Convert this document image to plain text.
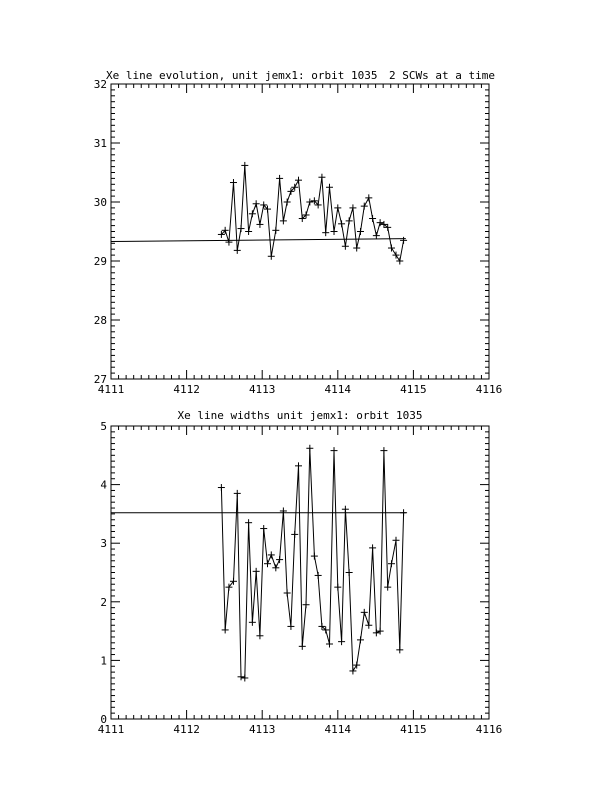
Xe line evolution, unit jemx1: orbit 1035 2 SCWs at a time
4111	4112	4113	4114	4115	4116
27
28
29
30
31
32
Xe line widths unit jemx1: orbit 1035
4111	4112	4113	4114	4115	4116
0
1
2
3
4
5
